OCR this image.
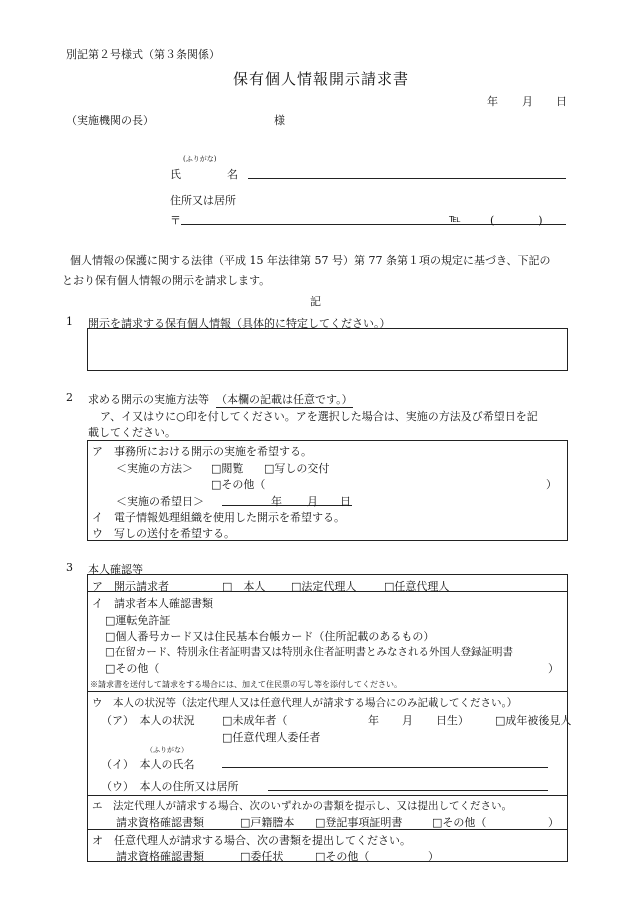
別記第２号様式（第３条関係）
保有個人情報開示請求書
年 月 日
（実施機関の長）	様
(ふりがな)
氏	名
住所又は居所
〒	℡	(　　　　)
個人情報の保護に関する法律（平成 15 年法律第 57 号）第 77 条第１項の規定に基づき、下記の
とおり保有個人情報の開示を請求します。
記
1 開示を請求する保有個人情報（具体的に特定してください。）
2 求める開示の実施方法等 （本欄の記載は任意です。）
ア、イ又はウに○印を付してください。アを選択した場合は、実施の方法及び希望日を記
載してください。
ア　事務所における開示の実施を希望する。
＜実施の方法＞ □閲覧 □写しの交付
□その他（	）
＜実施の希望日＞	年 月 日
イ　電子情報処理組織を使用した開示を希望する。
ウ　写しの送付を希望する。
3 本人確認等
ア　開示請求者	□　本人 □法定代理人	□任意代理人
イ　請求者本人確認書類
□運転免許証
□個人番号カード又は住民基本台帳カード（住所記載のあるもの）
□在留カード、特別永住者証明書又は特別永住者証明書とみなされる外国人登録証明書
□その他（	）
※請求書を送付して請求をする場合には、加えて住民票の写し等を添付してください。
ウ　本人の状況等（法定代理人又は任意代理人が請求する場合にのみ記載してください。）
（ア）　本人の状況	□未成年者（	年 月 日生） □成年被後見人
□任意代理人委任者
（ふりがな）
（イ）　本人の氏名
（ウ）　本人の住所又は居所
エ　法定代理人が請求する場合、次のいずれかの書類を提示し、又は提出してください。
請求資格確認書類	□戸籍謄本 □登記事項証明書	□その他（	）
オ　任意代理人が請求する場合、次の書類を提出してください。
請求資格確認書類	□委任状	□その他（	）
